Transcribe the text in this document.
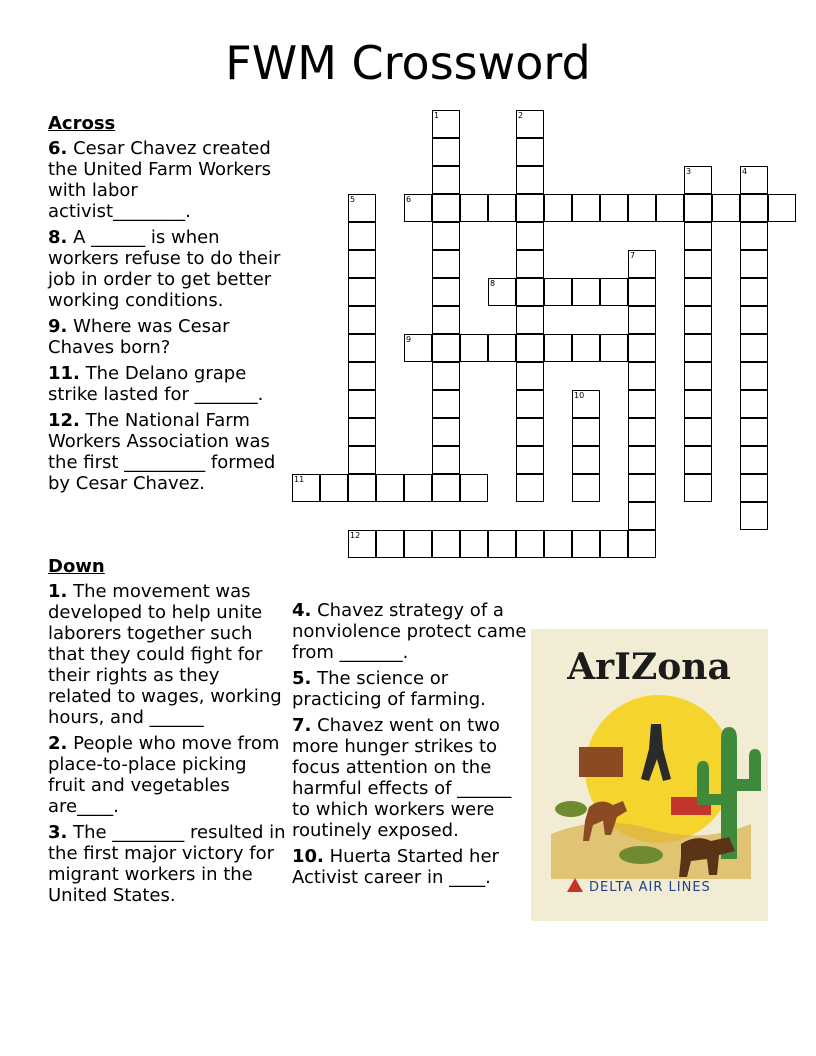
FWM Crossword
Across
6. Cesar Chavez created the United Farm Workers with labor activist________.
8. A ______ is when workers refuse to do their job in order to get better working conditions.
9. Where was Cesar Chaves born?
11. The Delano grape strike lasted for _______.
12. The National Farm Workers Association was the first _________ formed by Cesar Chavez.
Down
1. The movement was developed to help unite laborers together such that they could fight for their rights as they related to wages, working hours, and ______
2. People who move from place-to-place picking fruit and vegetables are____.
3. The ________ resulted in the first major victory for migrant workers in the United States.
4. Chavez strategy of a nonviolence protect came from _______.
5. The science or practicing of farming.
7. Chavez went on two more hunger strikes to focus attention on the harmful effects of ______ to which workers were routinely exposed.
10. Huerta Started her Activist career in ____.
6
8
9
11
12
1	2
3	4
5
7
10
ArIZona
DELTA AIR LINES
